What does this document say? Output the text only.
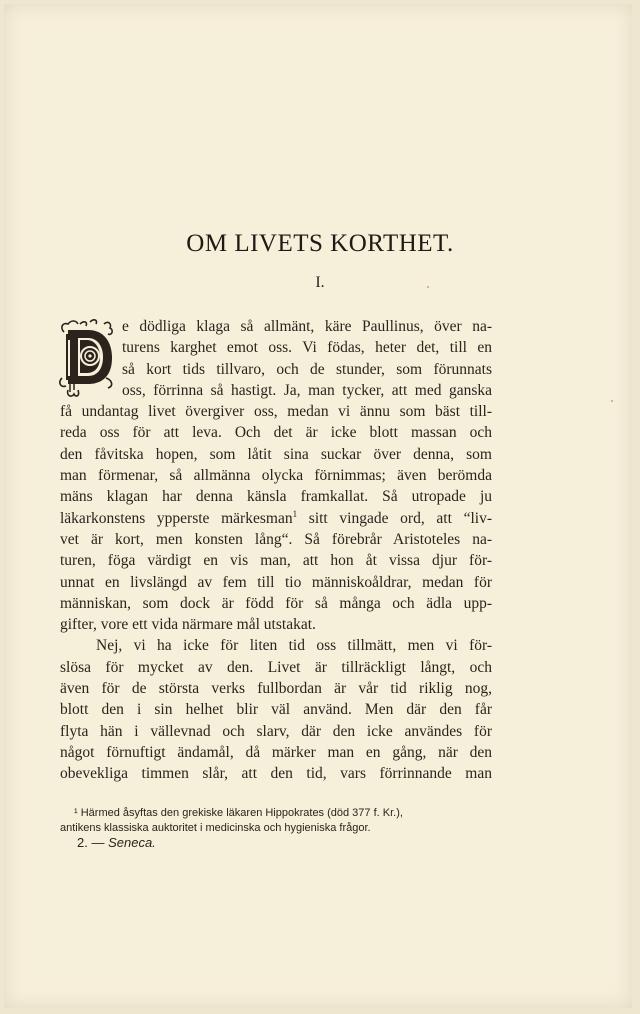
OM LIVETS KORTHET.
I.
e dödliga klaga så allmänt, käre Paullinus, över na-
turens karghet emot oss. Vi födas, heter det, till en
så kort tids tillvaro, och de stunder, som förunnats
oss, förrinna så hastigt. Ja, man tycker, att med ganska
få undantag livet övergiver oss, medan vi ännu som bäst till-
reda oss för att leva. Och det är icke blott massan och
den fåvitska hopen, som låtit sina suckar över denna, som
man förmenar, så allmänna olycka förnimmas; även berömda
mäns klagan har denna känsla framkallat. Så utropade ju
läkarkonstens ypperste märkesman$^1$ sitt vingade ord, att “liv-
vet är kort, men konsten lång“. Så förebrår Aristoteles na-
turen, föga värdigt en vis man, att hon åt vissa djur för-
unnat en livslängd av fem till tio människoåldrar, medan för
människan, som dock är född för så många och ädla upp-
gifter, vore ett vida närmare mål utstakat.
Nej, vi ha icke för liten tid oss tillmätt, men vi för-
slösa för mycket av den. Livet är tillräckligt långt, och
även för de största verks fullbordan är vår tid riklig nog,
blott den i sin helhet blir väl använd. Men där den får
flyta hän i vällevnad och slarv, där den icke användes för
något förnuftigt ändamål, då märker man en gång, när den
obevekliga timmen slår, att den tid, vars förrinnande man
¹ Härmed åsyftas den grekiske läkaren Hippokrates (död 377 f. Kr.),
antikens klassiska auktoritet i medicinska och hygieniska frågor.
2. — Seneca.
